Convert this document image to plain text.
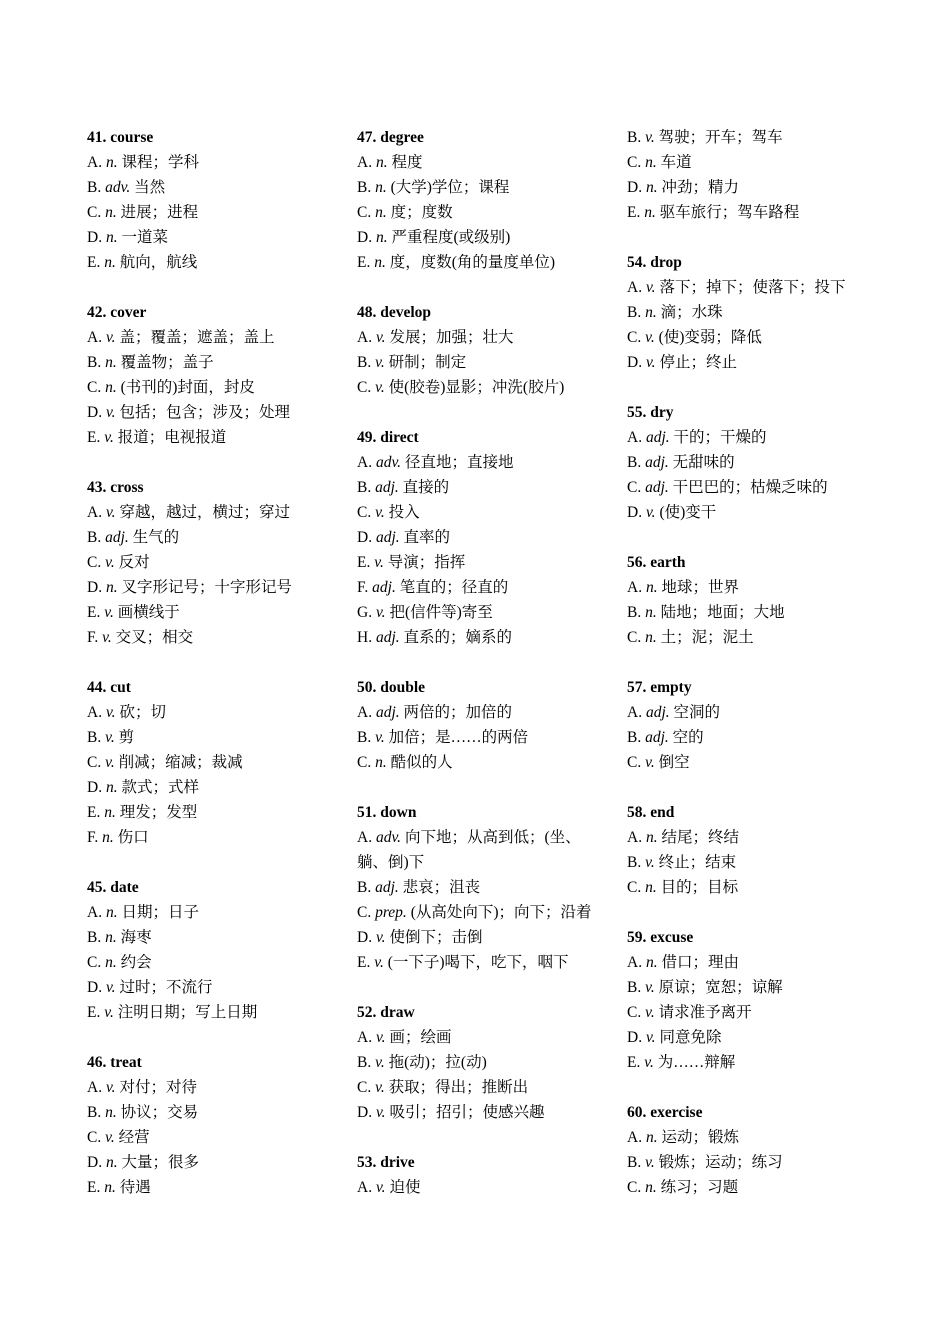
41. course
A. n. 课程；学科
B. adv. 当然
C. n. 进展；进程
D. n. 一道菜
E. n. 航向，航线
42. cover
A. v. 盖；覆盖；遮盖；盖上
B. n. 覆盖物；盖子
C. n. (书刊的)封面，封皮
D. v. 包括；包含；涉及；处理
E. v. 报道；电视报道
43. cross
A. v. 穿越，越过，横过；穿过
B. adj. 生气的
C. v. 反对
D. n. 叉字形记号；十字形记号
E. v. 画横线于
F. v. 交叉；相交
44. cut
A. v. 砍；切
B. v. 剪
C. v. 削减；缩减；裁减
D. n. 款式；式样
E. n. 理发；发型
F. n. 伤口
45. date
A. n. 日期；日子
B. n. 海枣
C. n. 约会
D. v. 过时；不流行
E. v. 注明日期；写上日期
46. treat
A. v. 对付；对待
B. n. 协议；交易
C. v. 经营
D. n. 大量；很多
E. n. 待遇
47. degree
A. n. 程度
B. n. (大学)学位；课程
C. n. 度；度数
D. n. 严重程度(或级别)
E. n. 度，度数(角的量度单位)
48. develop
A. v. 发展；加强；壮大
B. v. 研制；制定
C. v. 使(胶卷)显影；冲洗(胶片)
49. direct
A. adv. 径直地；直接地
B. adj. 直接的
C. v. 投入
D. adj. 直率的
E. v. 导演；指挥
F. adj. 笔直的；径直的
G. v. 把(信件等)寄至
H. adj. 直系的；嫡系的
50. double
A. adj. 两倍的；加倍的
B. v. 加倍；是……的两倍
C. n. 酷似的人
51. down
A. adv. 向下地；从高到低；(坐、躺、倒)下
B. adj. 悲哀；沮丧
C. prep. (从高处向下)；向下；沿着
D. v. 使倒下；击倒
E. v. (一下子)喝下，吃下，咽下
52. draw
A. v. 画；绘画
B. v. 拖(动)；拉(动)
C. v. 获取；得出；推断出
D. v. 吸引；招引；使感兴趣
53. drive
A. v. 迫使
B. v. 驾驶；开车；驾车
C. n. 车道
D. n. 冲劲；精力
E. n. 驱车旅行；驾车路程
54. drop
A. v. 落下；掉下；使落下；投下
B. n. 滴；水珠
C. v. (使)变弱；降低
D. v. 停止；终止
55. dry
A. adj. 干的；干燥的
B. adj. 无甜味的
C. adj. 干巴巴的；枯燥乏味的
D. v. (使)变干
56. earth
A. n. 地球；世界
B. n. 陆地；地面；大地
C. n. 土；泥；泥土
57. empty
A. adj. 空洞的
B. adj. 空的
C. v. 倒空
58. end
A. n. 结尾；终结
B. v. 终止；结束
C. n. 目的；目标
59. excuse
A. n. 借口；理由
B. v. 原谅；宽恕；谅解
C. v. 请求准予离开
D. v. 同意免除
E. v. 为……辩解
60. exercise
A. n. 运动；锻炼
B. v. 锻炼；运动；练习
C. n. 练习；习题
